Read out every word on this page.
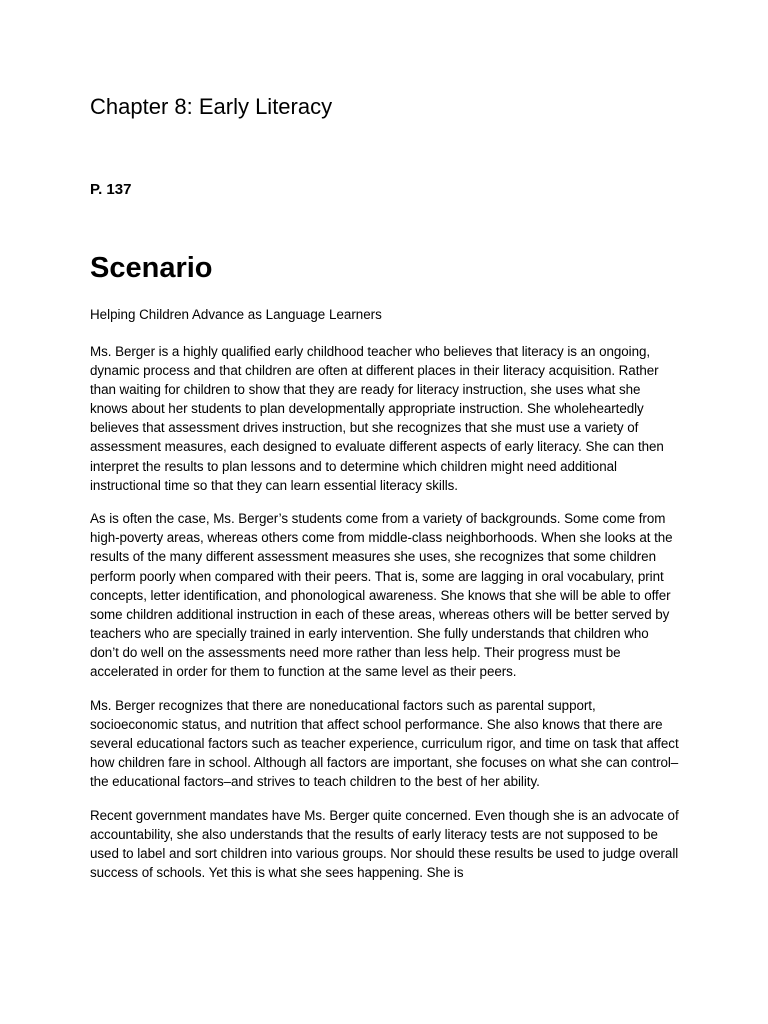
Chapter 8: Early Literacy
P. 137
Scenario

Helping Children Advance as Language Learners

Ms. Berger is a highly qualified early childhood teacher who believes that literacy is an ongoing, dynamic process and that children are often at different places in their literacy acquisition. Rather than waiting for children to show that they are ready for literacy instruction, she uses what she knows about her students to plan developmentally appropriate instruction. She wholeheartedly believes that assessment drives instruction, but she recognizes that she must use a variety of assessment measures, each designed to evaluate different aspects of early literacy. She can then interpret the results to plan lessons and to determine which children might need additional instructional time so that they can learn essential literacy skills.

As is often the case, Ms. Berger’s students come from a variety of backgrounds. Some come from high-poverty areas, whereas others come from middle-class neighborhoods. When she looks at the results of the many different assessment measures she uses, she recognizes that some children perform poorly when compared with their peers. That is, some are lagging in oral vocabulary, print concepts, letter identification, and phonological awareness. She knows that she will be able to offer some children additional instruction in each of these areas, whereas others will be better served by teachers who are specially trained in early intervention. She fully understands that children who don’t do well on the assessments need more rather than less help. Their progress must be accelerated in order for them to function at the same level as their peers.

Ms. Berger recognizes that there are noneducational factors such as parental support, socioeconomic status, and nutrition that affect school performance. She also knows that there are several educational factors such as teacher experience, curriculum rigor, and time on task that affect how children fare in school. Although all factors are important, she focuses on what she can control–the educational factors–and strives to teach children to the best of her ability.

Recent government mandates have Ms. Berger quite concerned. Even though she is an advocate of accountability, she also understands that the results of early literacy tests are not supposed to be used to label and sort children into various groups. Nor should these results be used to judge overall success of schools. Yet this is what she sees happening. She is
